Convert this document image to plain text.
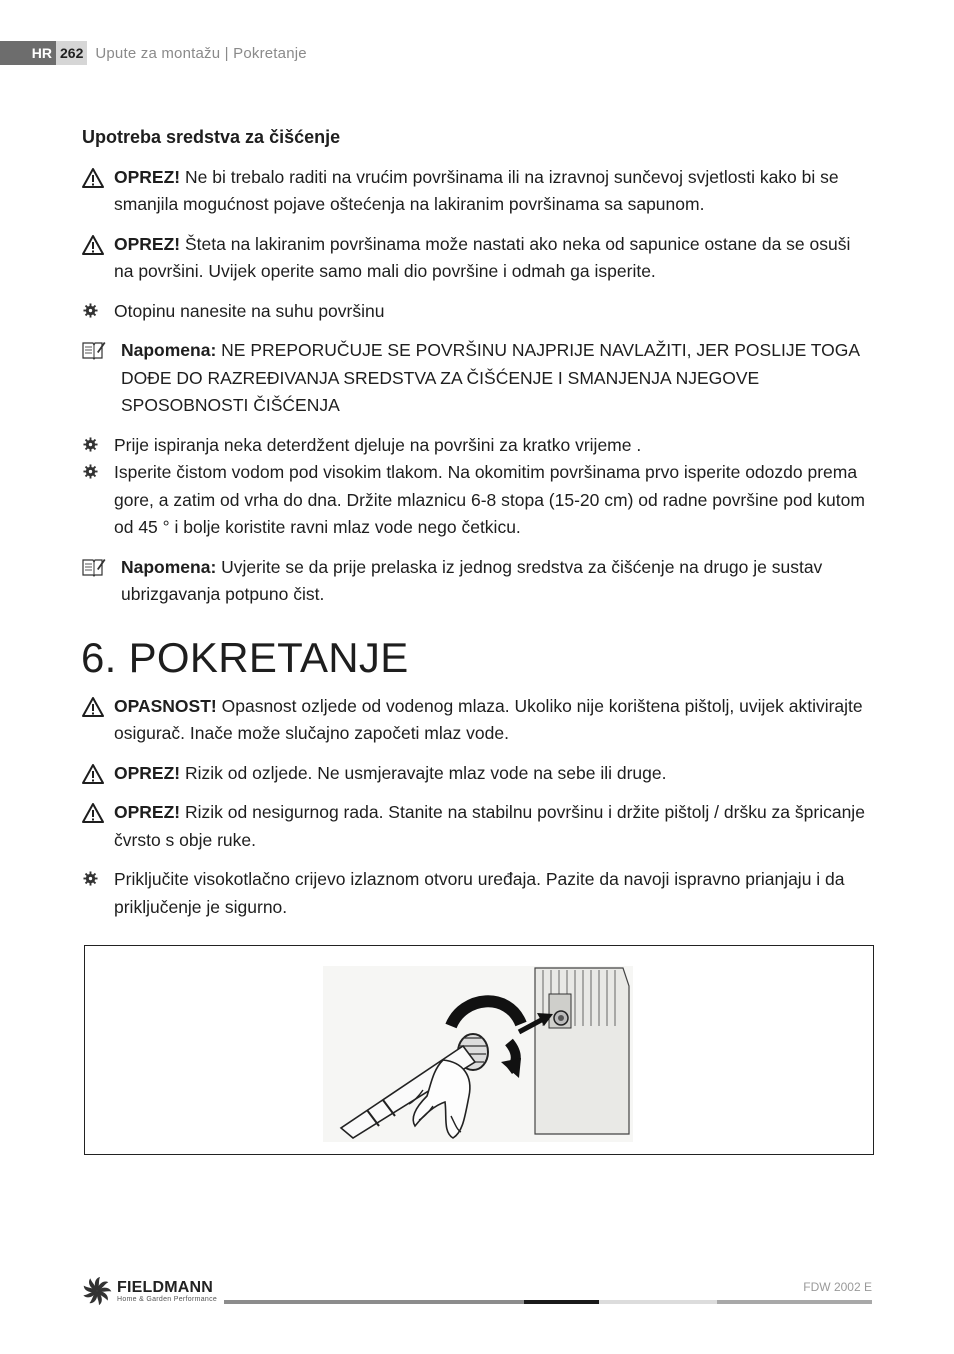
HR 262 Upute za montažu | Pokretanje
Upotreba sredstva za čišćenje
OPREZ! Ne bi trebalo raditi na vrućim površinama ili na izravnoj sunčevoj svjetlosti kako bi se smanjila mogućnost pojave oštećenja na lakiranim površinama sa sapunom.
OPREZ! Šteta na lakiranim površinama može nastati ako neka od sapunice ostane da se osuši na površini. Uvijek operite samo mali dio površine i odmah ga isperite.
Otopinu nanesite na suhu površinu
Napomena: NE PREPORUČUJE SE POVRŠINU NAJPRIJE NAVLAŽITI, JER POSLIJE TOGA DOĐE DO RAZREĐIVANJA SREDSTVA ZA ČIŠĆENJE I SMANJENJA NJEGOVE SPOSOBNOSTI ČIŠĆENJA
Prije ispiranja neka deterdžent djeluje na površini za kratko vrijeme .
Isperite čistom vodom pod visokim tlakom. Na okomitim površinama prvo isperite odozdo prema gore, a zatim od vrha do dna. Držite mlaznicu 6-8 stopa (15-20 cm) od radne površine pod kutom od 45 ° i bolje koristite ravni mlaz vode nego četkicu.
Napomena: Uvjerite se da prije prelaska iz jednog sredstva za čišćenje na drugo je sustav ubrizgavanja potpuno čist.
6. POKRETANJE
OPASNOST! Opasnost ozljede od vodenog mlaza. Ukoliko nije korištena pištolj, uvijek aktivirajte osigurač. Inače može slučajno započeti mlaz vode.
OPREZ! Rizik od ozljede. Ne usmjeravajte mlaz vode na sebe ili druge.
OPREZ! Rizik od nesigurnog rada. Stanite na stabilnu površinu i držite pištolj / dršku za špricanje čvrsto s obje ruke.
Priključite visokotlačno crijevo izlaznom otvoru uređaja. Pazite da navoji ispravno prianjaju i da priključenje je sigurno.
FIELDMANN
Home & Garden Performance
FDW 2002 E
